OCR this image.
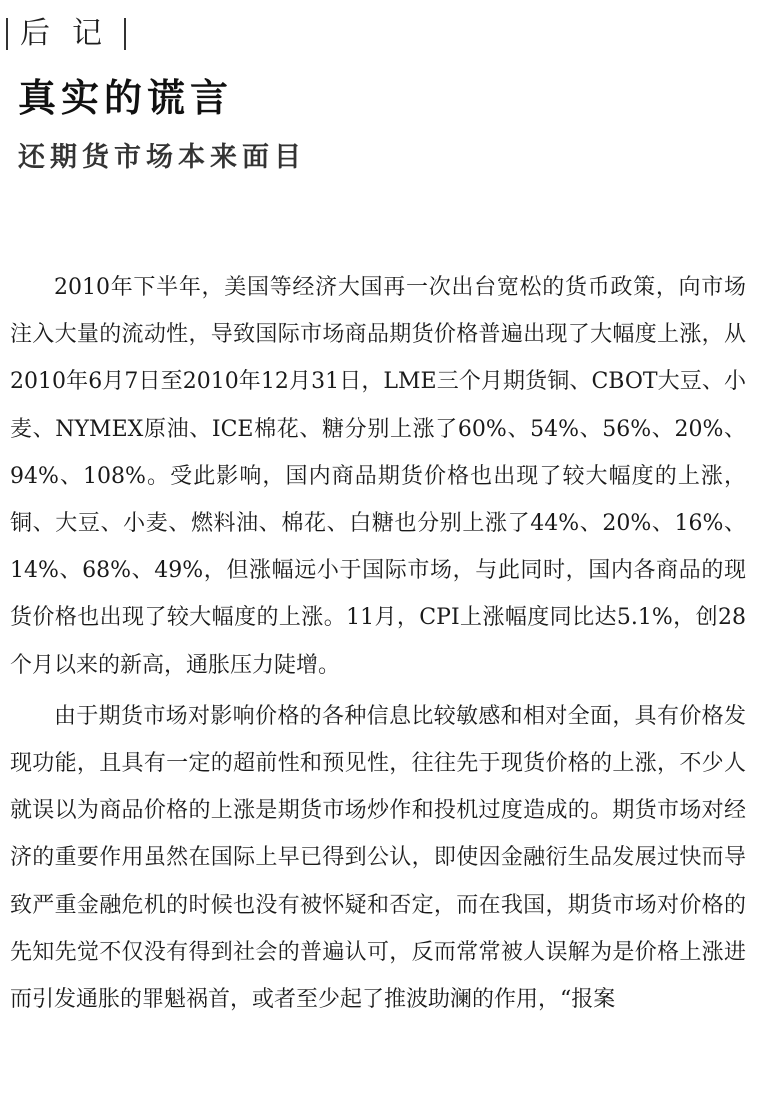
后记
真实的谎言
还期货市场本来面目

2010年下半年，美国等经济大国再一次出台宽松的货币政策，向市场注入大量的流动性，导致国际市场商品期货价格普遍出现了大幅度上涨，从2010年6月7日至2010年12月31日，LME三个月期货铜、CBOT大豆、小麦、NYMEX原油、ICE棉花、糖分别上涨了60%、54%、56%、20%、94%、108%。受此影响，国内商品期货价格也出现了较大幅度的上涨，铜、大豆、小麦、燃料油、棉花、白糖也分别上涨了44%、20%、16%、14%、68%、49%，但涨幅远小于国际市场，与此同时，国内各商品的现货价格也出现了较大幅度的上涨。11月，CPI上涨幅度同比达5.1%，创28个月以来的新高，通胀压力陡增。

由于期货市场对影响价格的各种信息比较敏感和相对全面，具有价格发现功能，且具有一定的超前性和预见性，往往先于现货价格的上涨，不少人就误以为商品价格的上涨是期货市场炒作和投机过度造成的。期货市场对经济的重要作用虽然在国际上早已得到公认，即使因金融衍生品发展过快而导致严重金融危机的时候也没有被怀疑和否定，而在我国，期货市场对价格的先知先觉不仅没有得到社会的普遍认可，反而常常被人误解为是价格上涨进而引发通胀的罪魁祸首，或者至少起了推波助澜的作用，“报案
